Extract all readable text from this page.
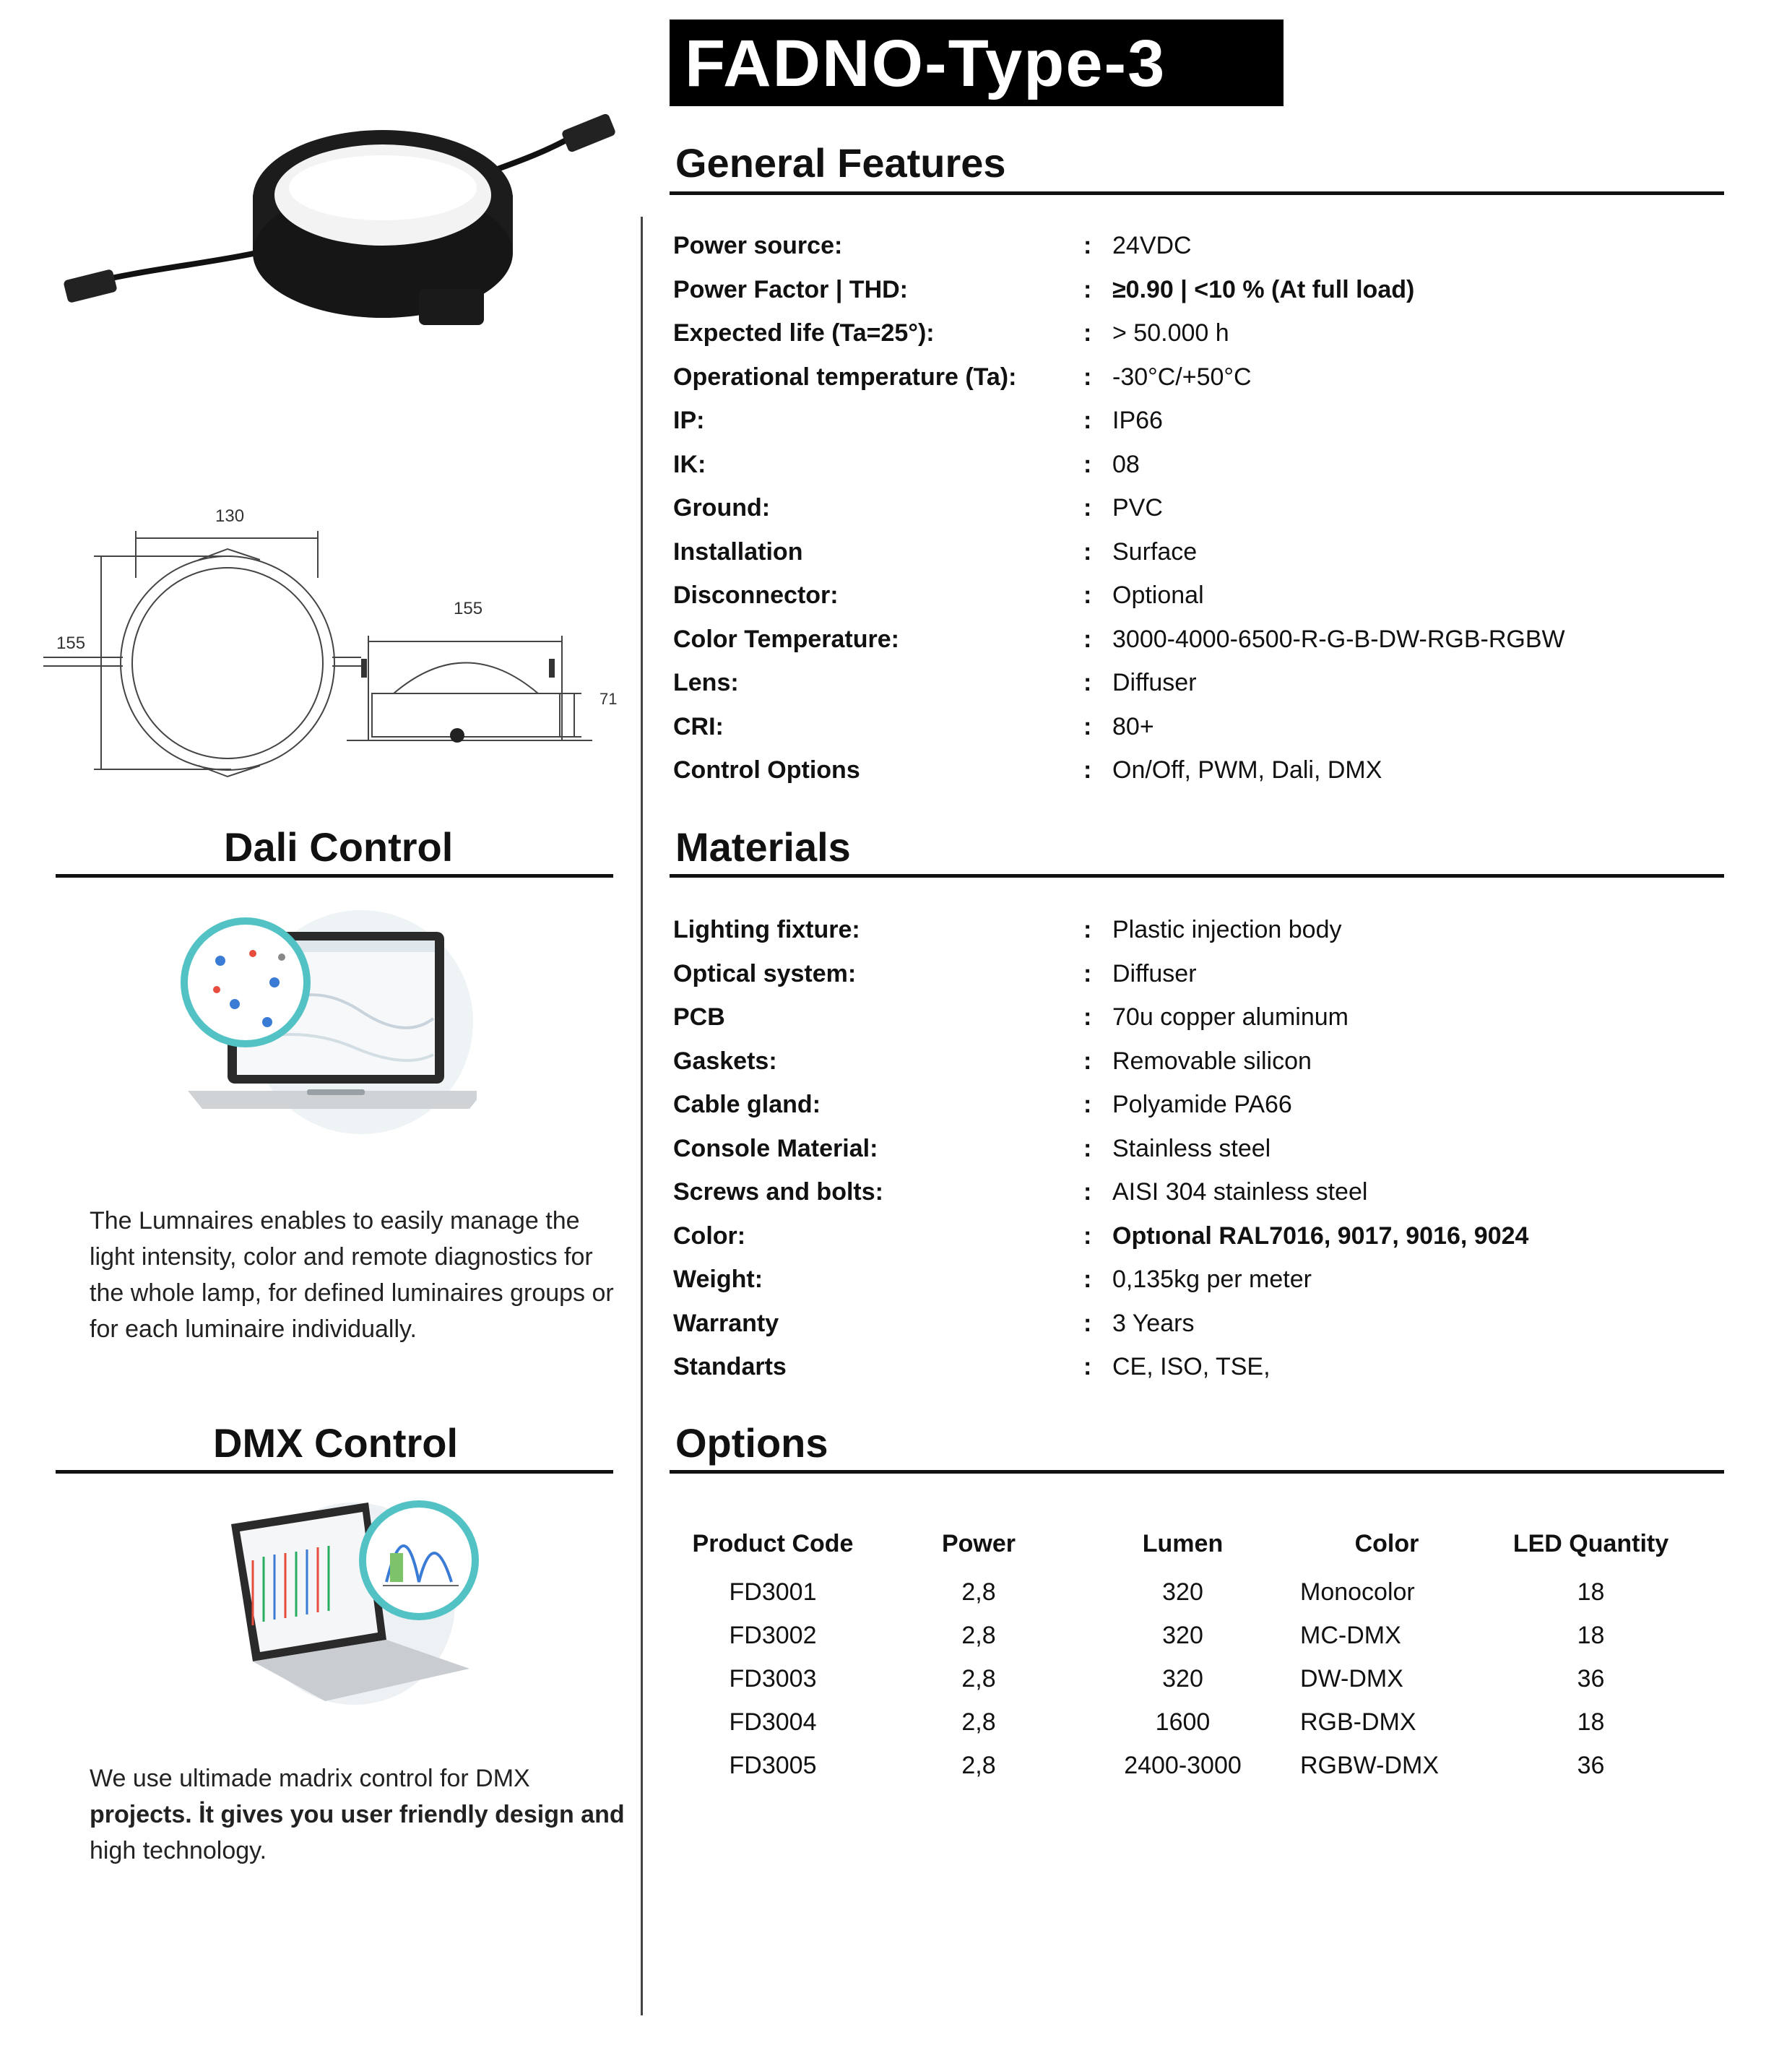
FADNO-Type-3
130
155
155
71
General Features
Power source:	: 24VDC
Power Factor | THD:	: ≥0.90 | <10 % (At full load)
Expected life (Ta=25°):	: > 50.000 h
Operational temperature (Ta):	: -30°C/+50°C
IP:	: IP66
IK:	: 08
Ground:	: PVC
Installation	: Surface
Disconnector:	: Optional
Color Temperature:	: 3000-4000-6500-R-G-B-DW-RGB-RGBW
Lens:	: Diffuser
CRI:	: 80+
Control Options	: On/Off, PWM, Dali, DMX
Materials
Lighting fixture:	: Plastic injection body
Optical system:	: Diffuser
PCB	: 70u copper aluminum
Gaskets:	: Removable silicon
Cable gland:	: Polyamide PA66
Console Material:	: Stainless steel
Screws and bolts:	: AISI 304 stainless steel
Color:	: Optıonal RAL7016, 9017, 9016, 9024
Weight:	: 0,135kg per meter
Warranty	: 3 Years
Standarts	: CE, ISO, TSE,
Options
Product Code	Power	Lumen	Color	LED Quantity
FD3001	2,8	320	Monocolor	18
FD3002	2,8	320	MC-DMX	18
FD3003	2,8	320	DW-DMX	36
FD3004	2,8	1600	RGB-DMX	18
FD3005	2,8	2400-3000	RGBW-DMX	36
Dali Control
The Lumnaires enables to easily manage the light intensity, color and remote diagnostics for the whole lamp, for defined luminaires groups or for each luminaire individually.
DMX Control
We use ultimade madrix control for DMX
projects. İt gives you user friendly design and
high technology.
